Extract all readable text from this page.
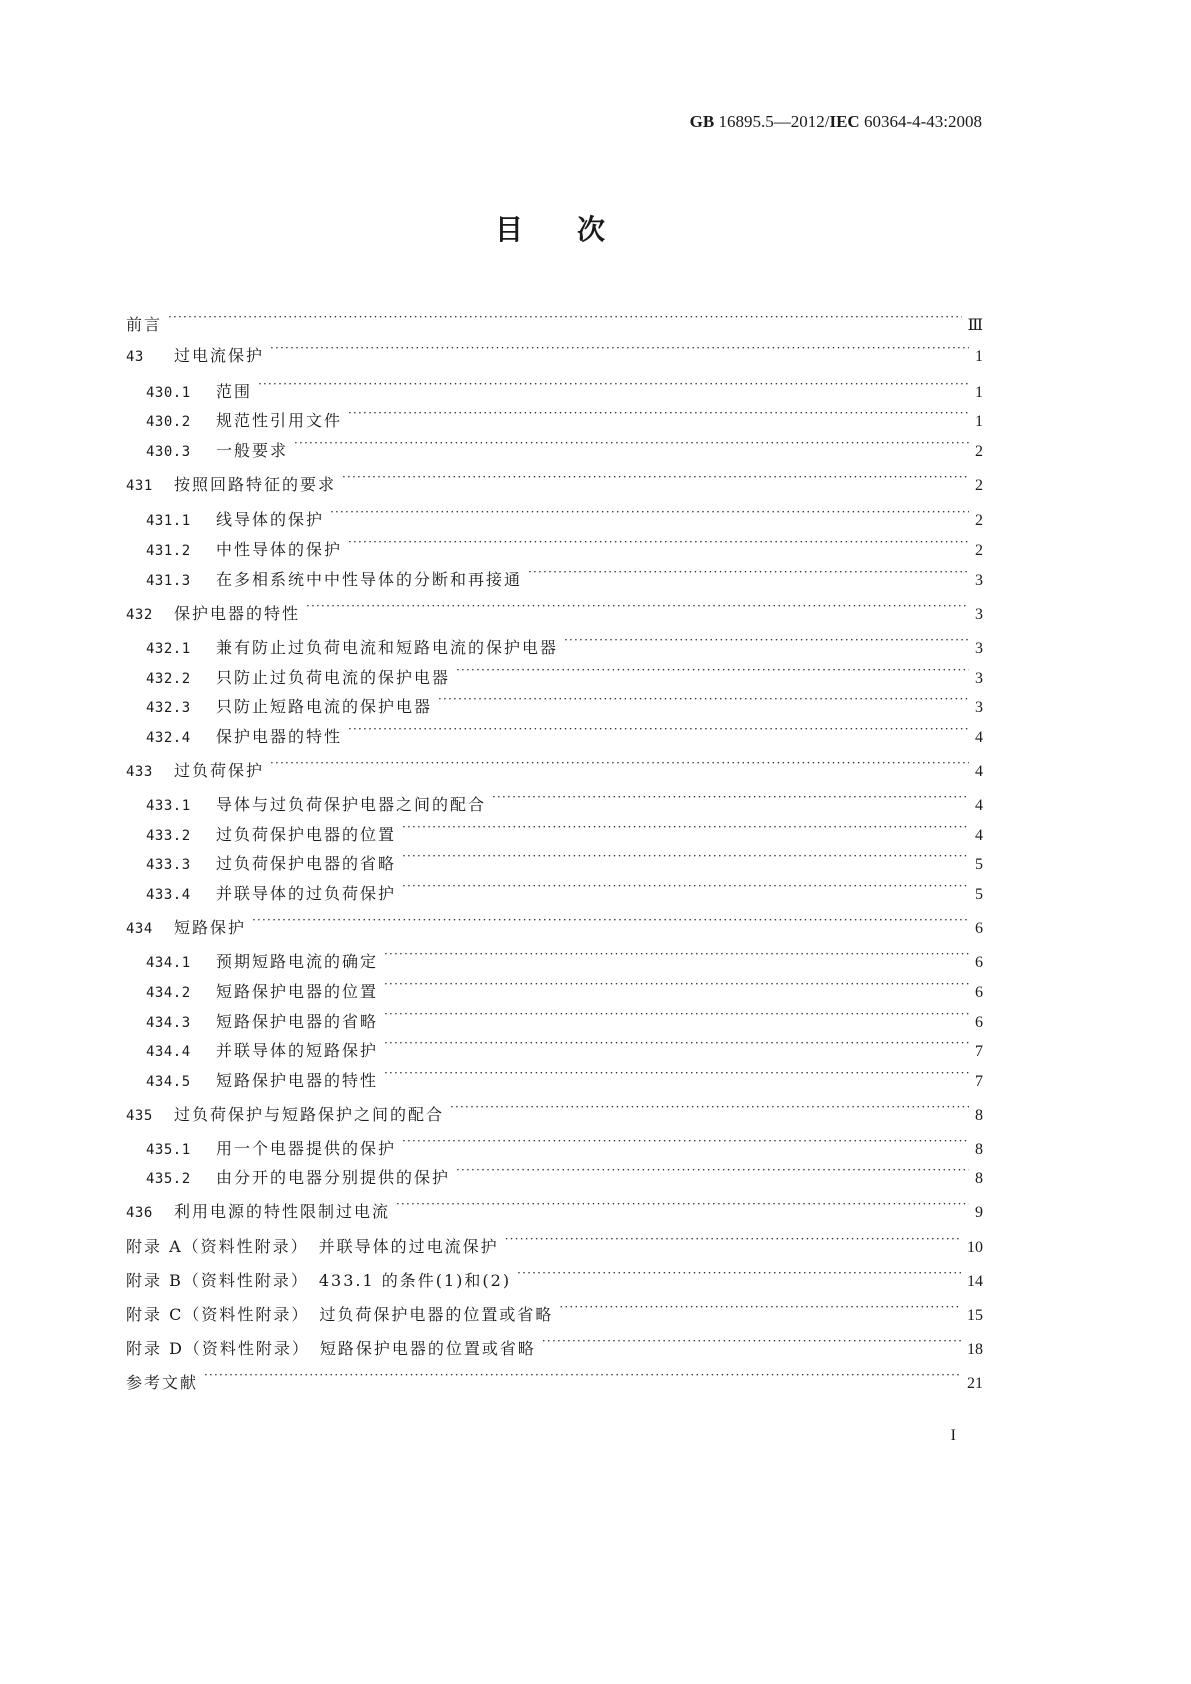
GB 16895.5—2012/IEC 60364-4-43:2008
目次
前言 ·····	Ⅲ
43	过电流保护 ·····	1
430.1	范围 ·····	1
430.2	规范性引用文件 ·····	1
430.3	一般要求 ·····	2
431	按照回路特征的要求 ·····	2
431.1	线导体的保护 ·····	2
431.2	中性导体的保护 ·····	2
431.3	在多相系统中中性导体的分断和再接通 ·····	3
432	保护电器的特性 ·····	3
432.1	兼有防止过负荷电流和短路电流的保护电器 ·····	3
432.2	只防止过负荷电流的保护电器 ·····	3
432.3	只防止短路电流的保护电器 ·····	3
432.4	保护电器的特性 ·····	4
433	过负荷保护 ·····	4
433.1	导体与过负荷保护电器之间的配合 ·····	4
433.2	过负荷保护电器的位置 ·····	4
433.3	过负荷保护电器的省略 ·····	5
433.4	并联导体的过负荷保护 ·····	5
434	短路保护 ·····	6
434.1	预期短路电流的确定 ·····	6
434.2	短路保护电器的位置 ·····	6
434.3	短路保护电器的省略 ·····	6
434.4	并联导体的短路保护 ·····	7
434.5	短路保护电器的特性 ·····	7
435	过负荷保护与短路保护之间的配合 ·····	8
435.1	用一个电器提供的保护 ·····	8
435.2	由分开的电器分别提供的保护 ·····	8
436	利用电源的特性限制过电流 ·····	9
附录 A（资料性附录）　并联导体的过电流保护 ·····	10
附录 B（资料性附录）　433.1 的条件(1)和(2) ·····	14
附录 C（资料性附录）　过负荷保护电器的位置或省略 ·····	15
附录 D（资料性附录）　短路保护电器的位置或省略 ·····	18
参考文献 ·····	21
I
